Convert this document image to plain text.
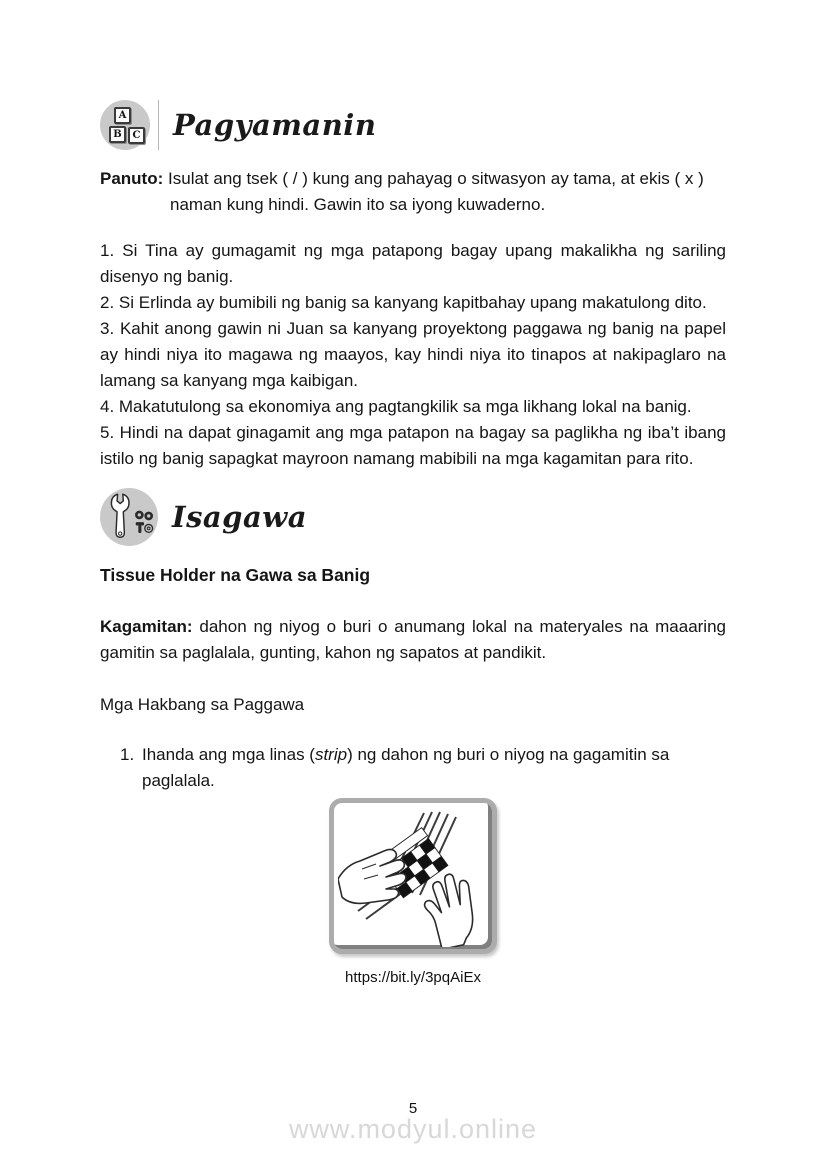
A
B	C Pagyamanin

Panuto: Isulat ang tsek ( / ) kung ang pahayag o sitwasyon ay tama, at ekis ( x ) naman kung hindi. Gawin ito sa iyong kuwaderno.

1. Si Tina ay gumagamit ng mga patapong bagay upang makalikha ng sariling disenyo ng banig.

2. Si Erlinda ay bumibili ng banig sa kanyang kapitbahay upang makatulong dito.

3. Kahit anong gawin ni Juan sa kanyang proyektong paggawa ng banig na papel ay hindi niya ito magawa ng maayos, kay hindi niya ito tinapos at nakipaglaro na lamang sa kanyang mga kaibigan.

4. Makatutulong sa ekonomiya ang pagtangkilik sa mga likhang lokal na banig.

5. Hindi na dapat ginagamit ang mga patapon na bagay sa paglikha ng iba’t ibang istilo ng banig sapagkat mayroon namang mabibili na mga kagamitan para rito.

Isagawa

Tissue Holder na Gawa sa Banig

Kagamitan: dahon ng niyog o buri o anumang lokal na materyales na maaaring gamitin sa paglalala, gunting, kahon ng sapatos at pandikit.

Mga Hakbang sa Paggawa

1. Ihanda ang mga linas (strip) ng dahon ng buri o niyog na gagamitin sa paglalala.
https://bit.ly/3pqAiEx
5
www.modyul.online
